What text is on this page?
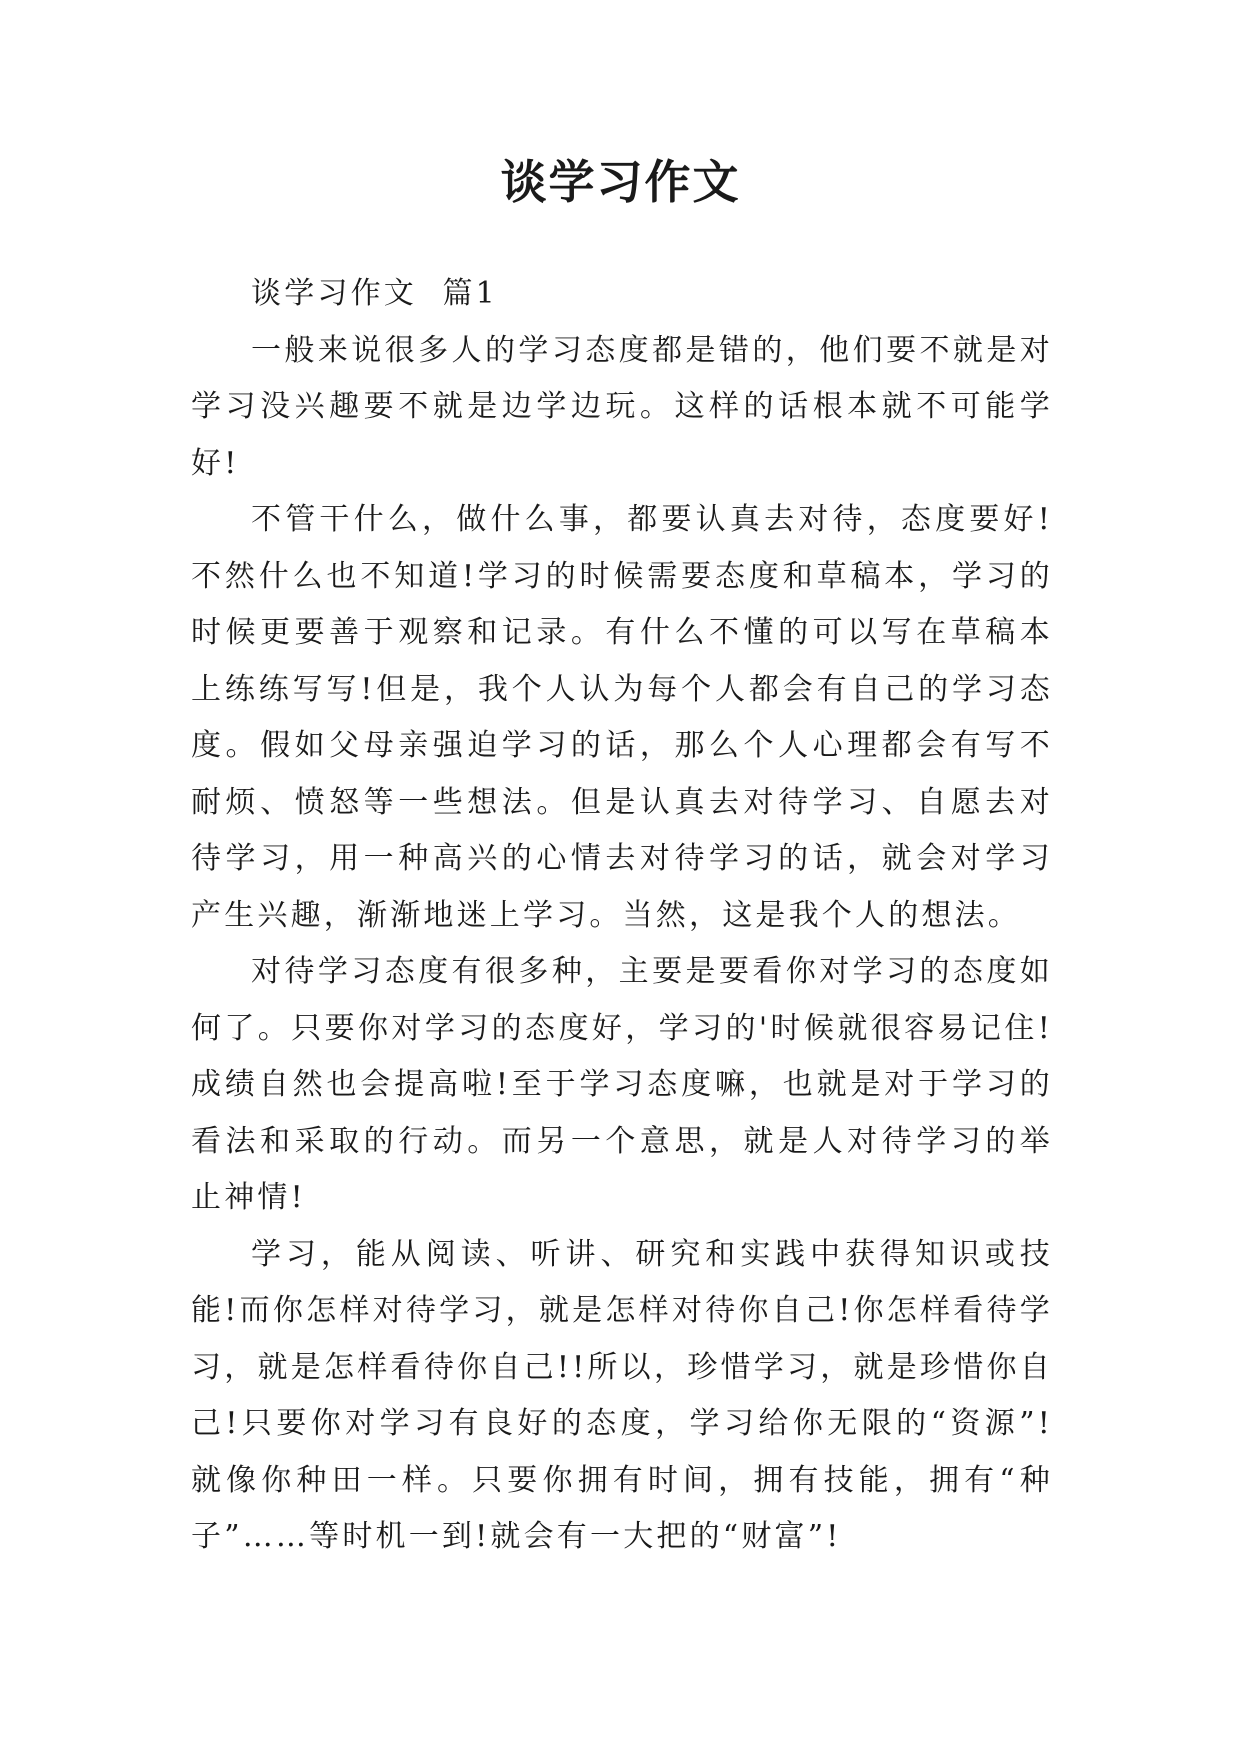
谈学习作文

谈学习作文  篇1

一般来说很多人的学习态度都是错的，他们要不就是对学习没兴趣要不就是边学边玩。这样的话根本就不可能学好!

不管干什么，做什么事，都要认真去对待，态度要好!不然什么也不知道!学习的时候需要态度和草稿本，学习的时候更要善于观察和记录。有什么不懂的可以写在草稿本上练练写写!但是，我个人认为每个人都会有自己的学习态度。假如父母亲强迫学习的话，那么个人心理都会有写不耐烦、愤怒等一些想法。但是认真去对待学习、自愿去对待学习，用一种高兴的心情去对待学习的话，就会对学习产生兴趣，渐渐地迷上学习。当然，这是我个人的想法。

对待学习态度有很多种，主要是要看你对学习的态度如何了。只要你对学习的态度好，学习的'时候就很容易记住!成绩自然也会提高啦!至于学习态度嘛，也就是对于学习的看法和采取的行动。而另一个意思，就是人对待学习的举止神情!

学习，能从阅读、听讲、研究和实践中获得知识或技能!而你怎样对待学习，就是怎样对待你自己!你怎样看待学习，就是怎样看待你自己!!所以，珍惜学习，就是珍惜你自己!只要你对学习有良好的态度，学习给你无限的“资源”!就像你种田一样。只要你拥有时间，拥有技能，拥有“种子”……等时机一到!就会有一大把的“财富”!
